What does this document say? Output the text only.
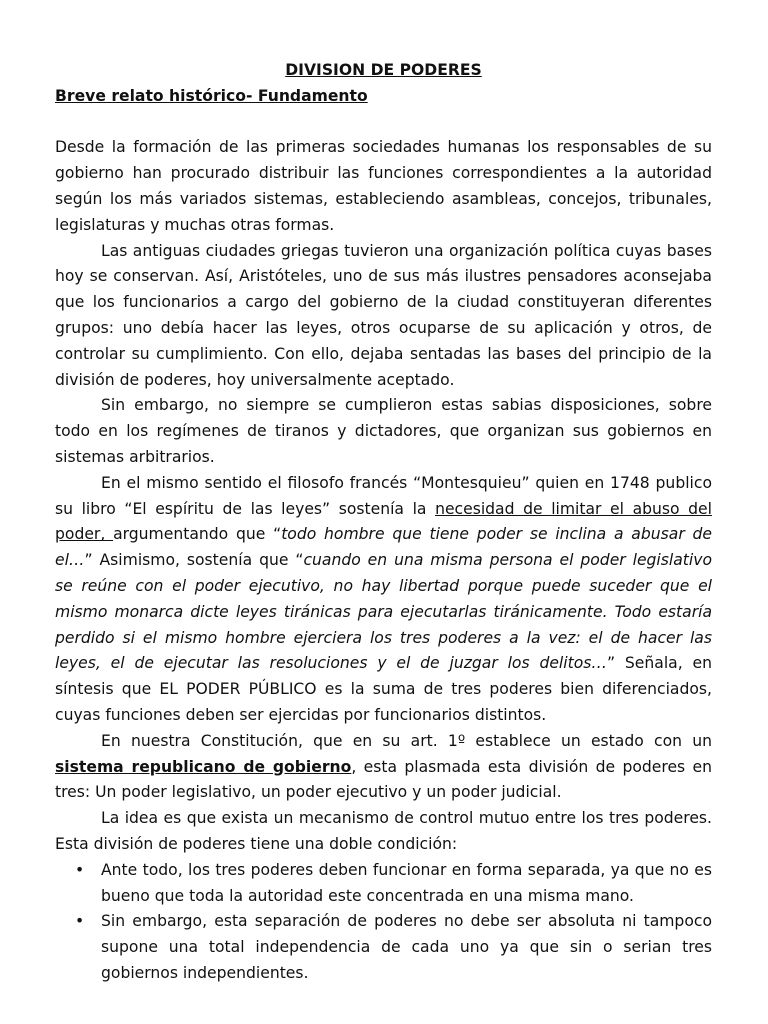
DIVISION DE PODERES

Breve relato histórico- Fundamento

Desde la formación de las primeras sociedades humanas los responsables de su gobierno han procurado distribuir las funciones correspondientes a la autoridad según los más variados sistemas, estableciendo asambleas, concejos, tribunales, legislaturas y muchas otras formas.

Las antiguas ciudades griegas tuvieron una organización política cuyas bases hoy se conservan. Así, Aristóteles, uno de sus más ilustres pensadores aconsejaba que los funcionarios a cargo del gobierno de la ciudad constituyeran diferentes grupos: uno debía hacer las leyes, otros ocuparse de su aplicación y otros, de controlar su cumplimiento. Con ello, dejaba sentadas las bases del principio de la división de poderes, hoy universalmente aceptado.

Sin embargo, no siempre se cumplieron estas sabias disposiciones, sobre todo en los regímenes de tiranos y dictadores, que organizan sus gobiernos en sistemas arbitrarios.

En el mismo sentido el filosofo francés “Montesquieu” quien en 1748 publico su libro “El espíritu de las leyes” sostenía la necesidad de limitar el abuso del poder, argumentando que “todo hombre que tiene poder se inclina a abusar de el…” Asimismo, sostenía que “cuando en una misma persona el poder legislativo se reúne con el poder ejecutivo, no hay libertad porque puede suceder que el mismo monarca dicte leyes tiránicas para ejecutarlas tiránicamente. Todo estaría perdido si el mismo hombre ejerciera los tres poderes a la vez: el de hacer las leyes, el de ejecutar las resoluciones y el de juzgar los delitos…” Señala, en síntesis que EL PODER PÚBLICO es la suma de tres poderes bien diferenciados, cuyas funciones deben ser ejercidas por funcionarios distintos.

En nuestra Constitución, que en su art. 1º establece un estado con un sistema republicano de gobierno, esta plasmada esta división de poderes en tres: Un poder legislativo, un poder ejecutivo y un poder judicial.

La idea es que exista un mecanismo de control mutuo entre los tres poderes. Esta división de poderes tiene una doble condición:

• Ante todo, los tres poderes deben funcionar en forma separada, ya que no es bueno que toda la autoridad este concentrada en una misma mano.
• Sin embargo, esta separación de poderes no debe ser absoluta ni tampoco supone una total independencia de cada uno ya que sin o serian tres gobiernos independientes.
